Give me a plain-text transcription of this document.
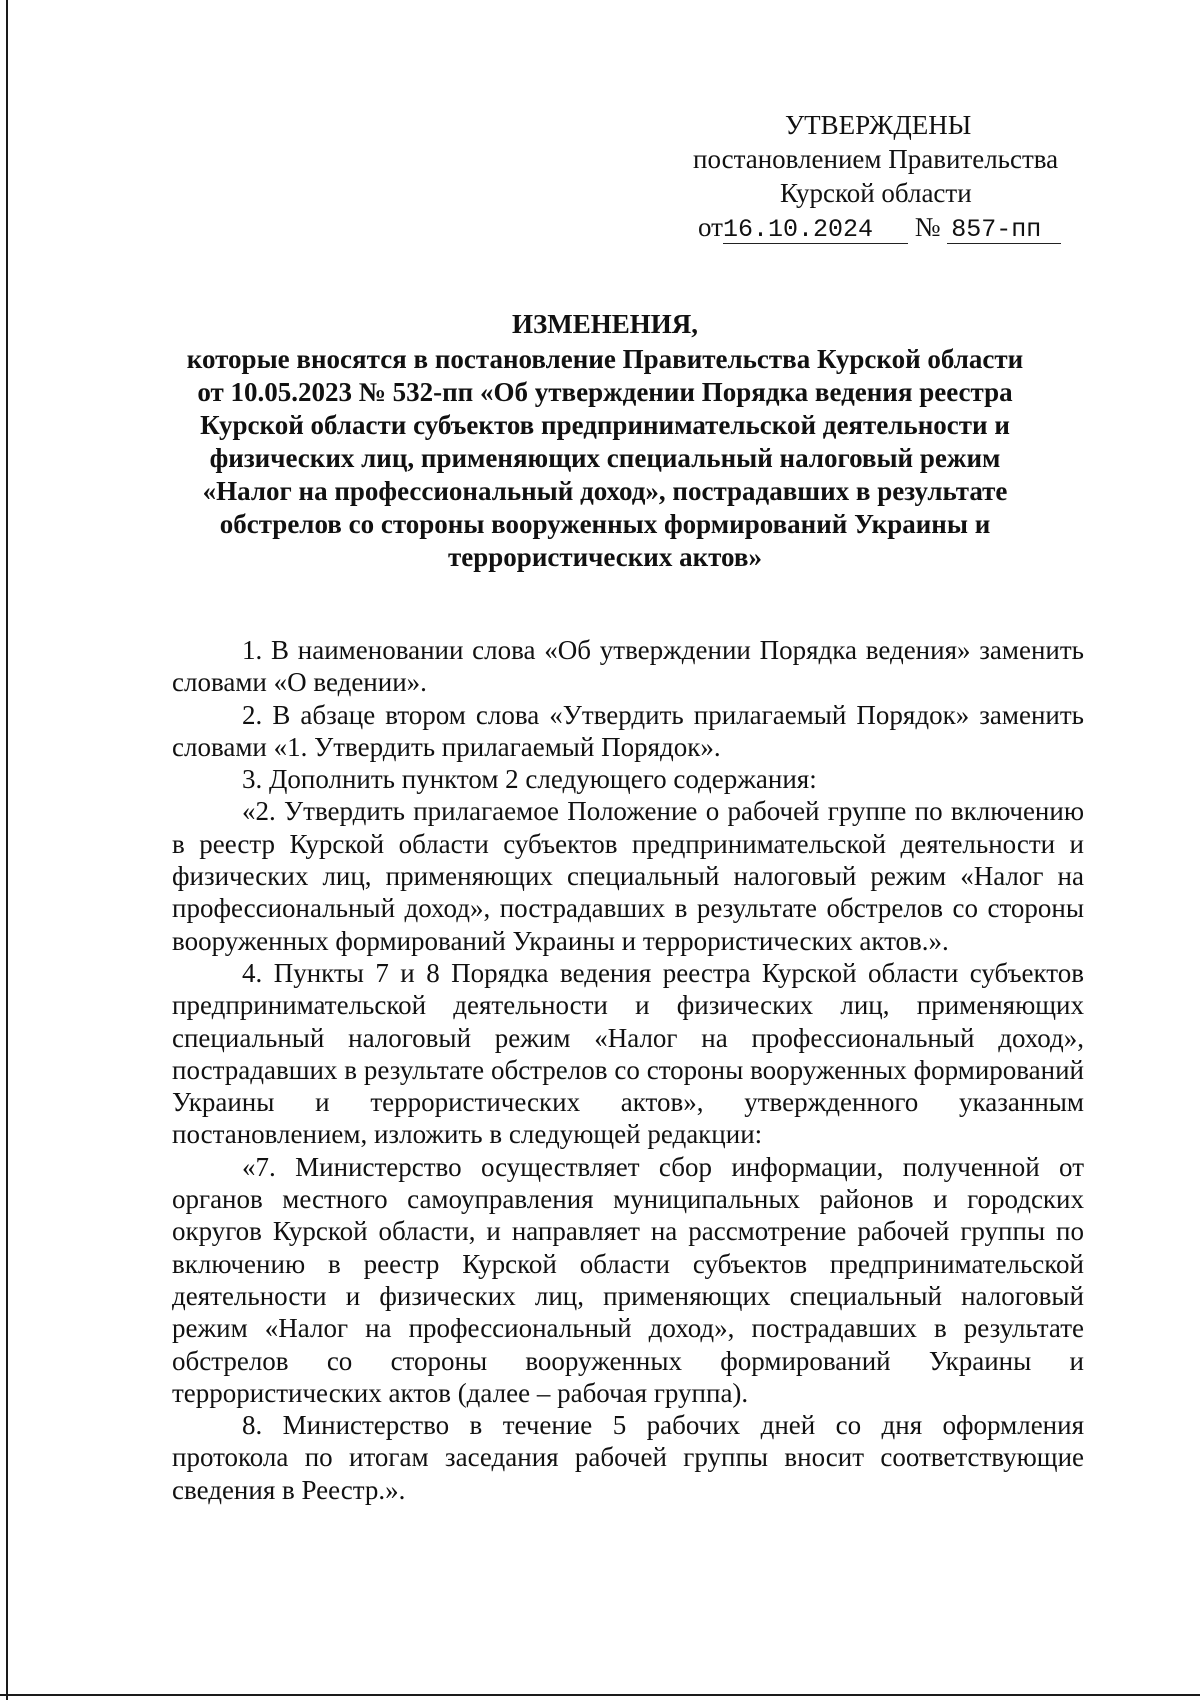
УТВЕРЖДЕНЫ
постановлением Правительства
Курской области
от16.10.2024 № 857-пп
ИЗМЕНЕНИЯ,
которые вносятся в постановление Правительства Курской области
от 10.05.2023 № 532-пп «Об утверждении Порядка ведения реестра
Курской области субъектов предпринимательской деятельности и
физических лиц, применяющих специальный налоговый режим
«Налог на профессиональный доход», пострадавших в результате
обстрелов со стороны вооруженных формирований Украины и
террористических актов»

1. В наименовании слова «Об утверждении Порядка ведения» заменить словами «О ведении».

2. В абзаце втором слова «Утвердить прилагаемый Порядок» заменить словами «1. Утвердить прилагаемый Порядок».

3. Дополнить пунктом 2 следующего содержания:

«2. Утвердить прилагаемое Положение о рабочей группе по включению в реестр Курской области субъектов предпринимательской деятельности и физических лиц, применяющих специальный налоговый режим «Налог на профессиональный доход», пострадавших в результате обстрелов со стороны вооруженных формирований Украины и террористических актов.».

4. Пункты 7 и 8 Порядка ведения реестра Курской области субъектов предпринимательской деятельности и физических лиц, применяющих специальный налоговый режим «Налог на профессиональный доход», пострадавших в результате обстрелов со стороны вооруженных формирований Украины и террористических актов», утвержденного указанным постановлением, изложить в следующей редакции:

«7. Министерство осуществляет сбор информации, полученной от органов местного самоуправления муниципальных районов и городских округов Курской области, и направляет на рассмотрение рабочей группы по включению в реестр Курской области субъектов предпринимательской деятельности и физических лиц, применяющих специальный налоговый режим «Налог на профессиональный доход», пострадавших в результате обстрелов со стороны вооруженных формирований Украины и террористических актов (далее – рабочая группа).

8. Министерство в течение 5 рабочих дней со дня оформления протокола по итогам заседания рабочей группы вносит соответствующие сведения в Реестр.».
